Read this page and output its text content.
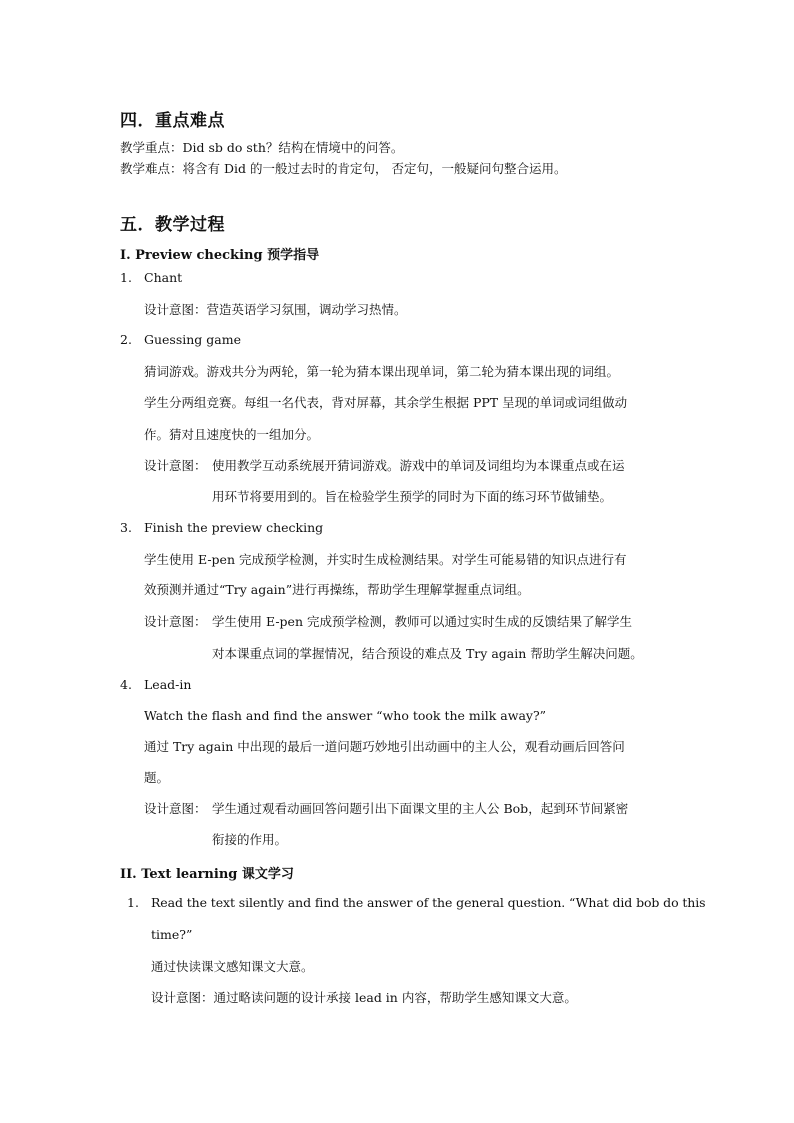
四．重点难点
教学重点：Did sb do sth？结构在情境中的问答。
教学难点：将含有 Did 的一般过去时的肯定句， 否定句，一般疑问句整合运用。
五．教学过程
I. Preview checking 预学指导
1. Chant
设计意图：营造英语学习氛围，调动学习热情。
2. Guessing game
猜词游戏。游戏共分为两轮，第一轮为猜本课出现单词，第二轮为猜本课出现的词组。
学生分两组竞赛。每组一名代表，背对屏幕，其余学生根据 PPT 呈现的单词或词组做动
作。猜对且速度快的一组加分。
设计意图： 使用教学互动系统展开猜词游戏。游戏中的单词及词组均为本课重点或在运
用环节将要用到的。旨在检验学生预学的同时为下面的练习环节做铺垫。
3. Finish the preview checking
学生使用 E-pen 完成预学检测，并实时生成检测结果。对学生可能易错的知识点进行有
效预测并通过“Try again”进行再操练，帮助学生理解掌握重点词组。
设计意图： 学生使用 E-pen 完成预学检测，教师可以通过实时生成的反馈结果了解学生
对本课重点词的掌握情况，结合预设的难点及 Try again 帮助学生解决问题。
4. Lead-in
Watch the flash and find the answer “who took the milk away?”
通过 Try again 中出现的最后一道问题巧妙地引出动画中的主人公，观看动画后回答问
题。
设计意图： 学生通过观看动画回答问题引出下面课文里的主人公 Bob，起到环节间紧密
衔接的作用。
II. Text learning 课文学习
1. Read the text silently and find the answer of the general question. “What did bob do this
time?”
通过快读课文感知课文大意。
设计意图：通过略读问题的设计承接 lead in 内容，帮助学生感知课文大意。
